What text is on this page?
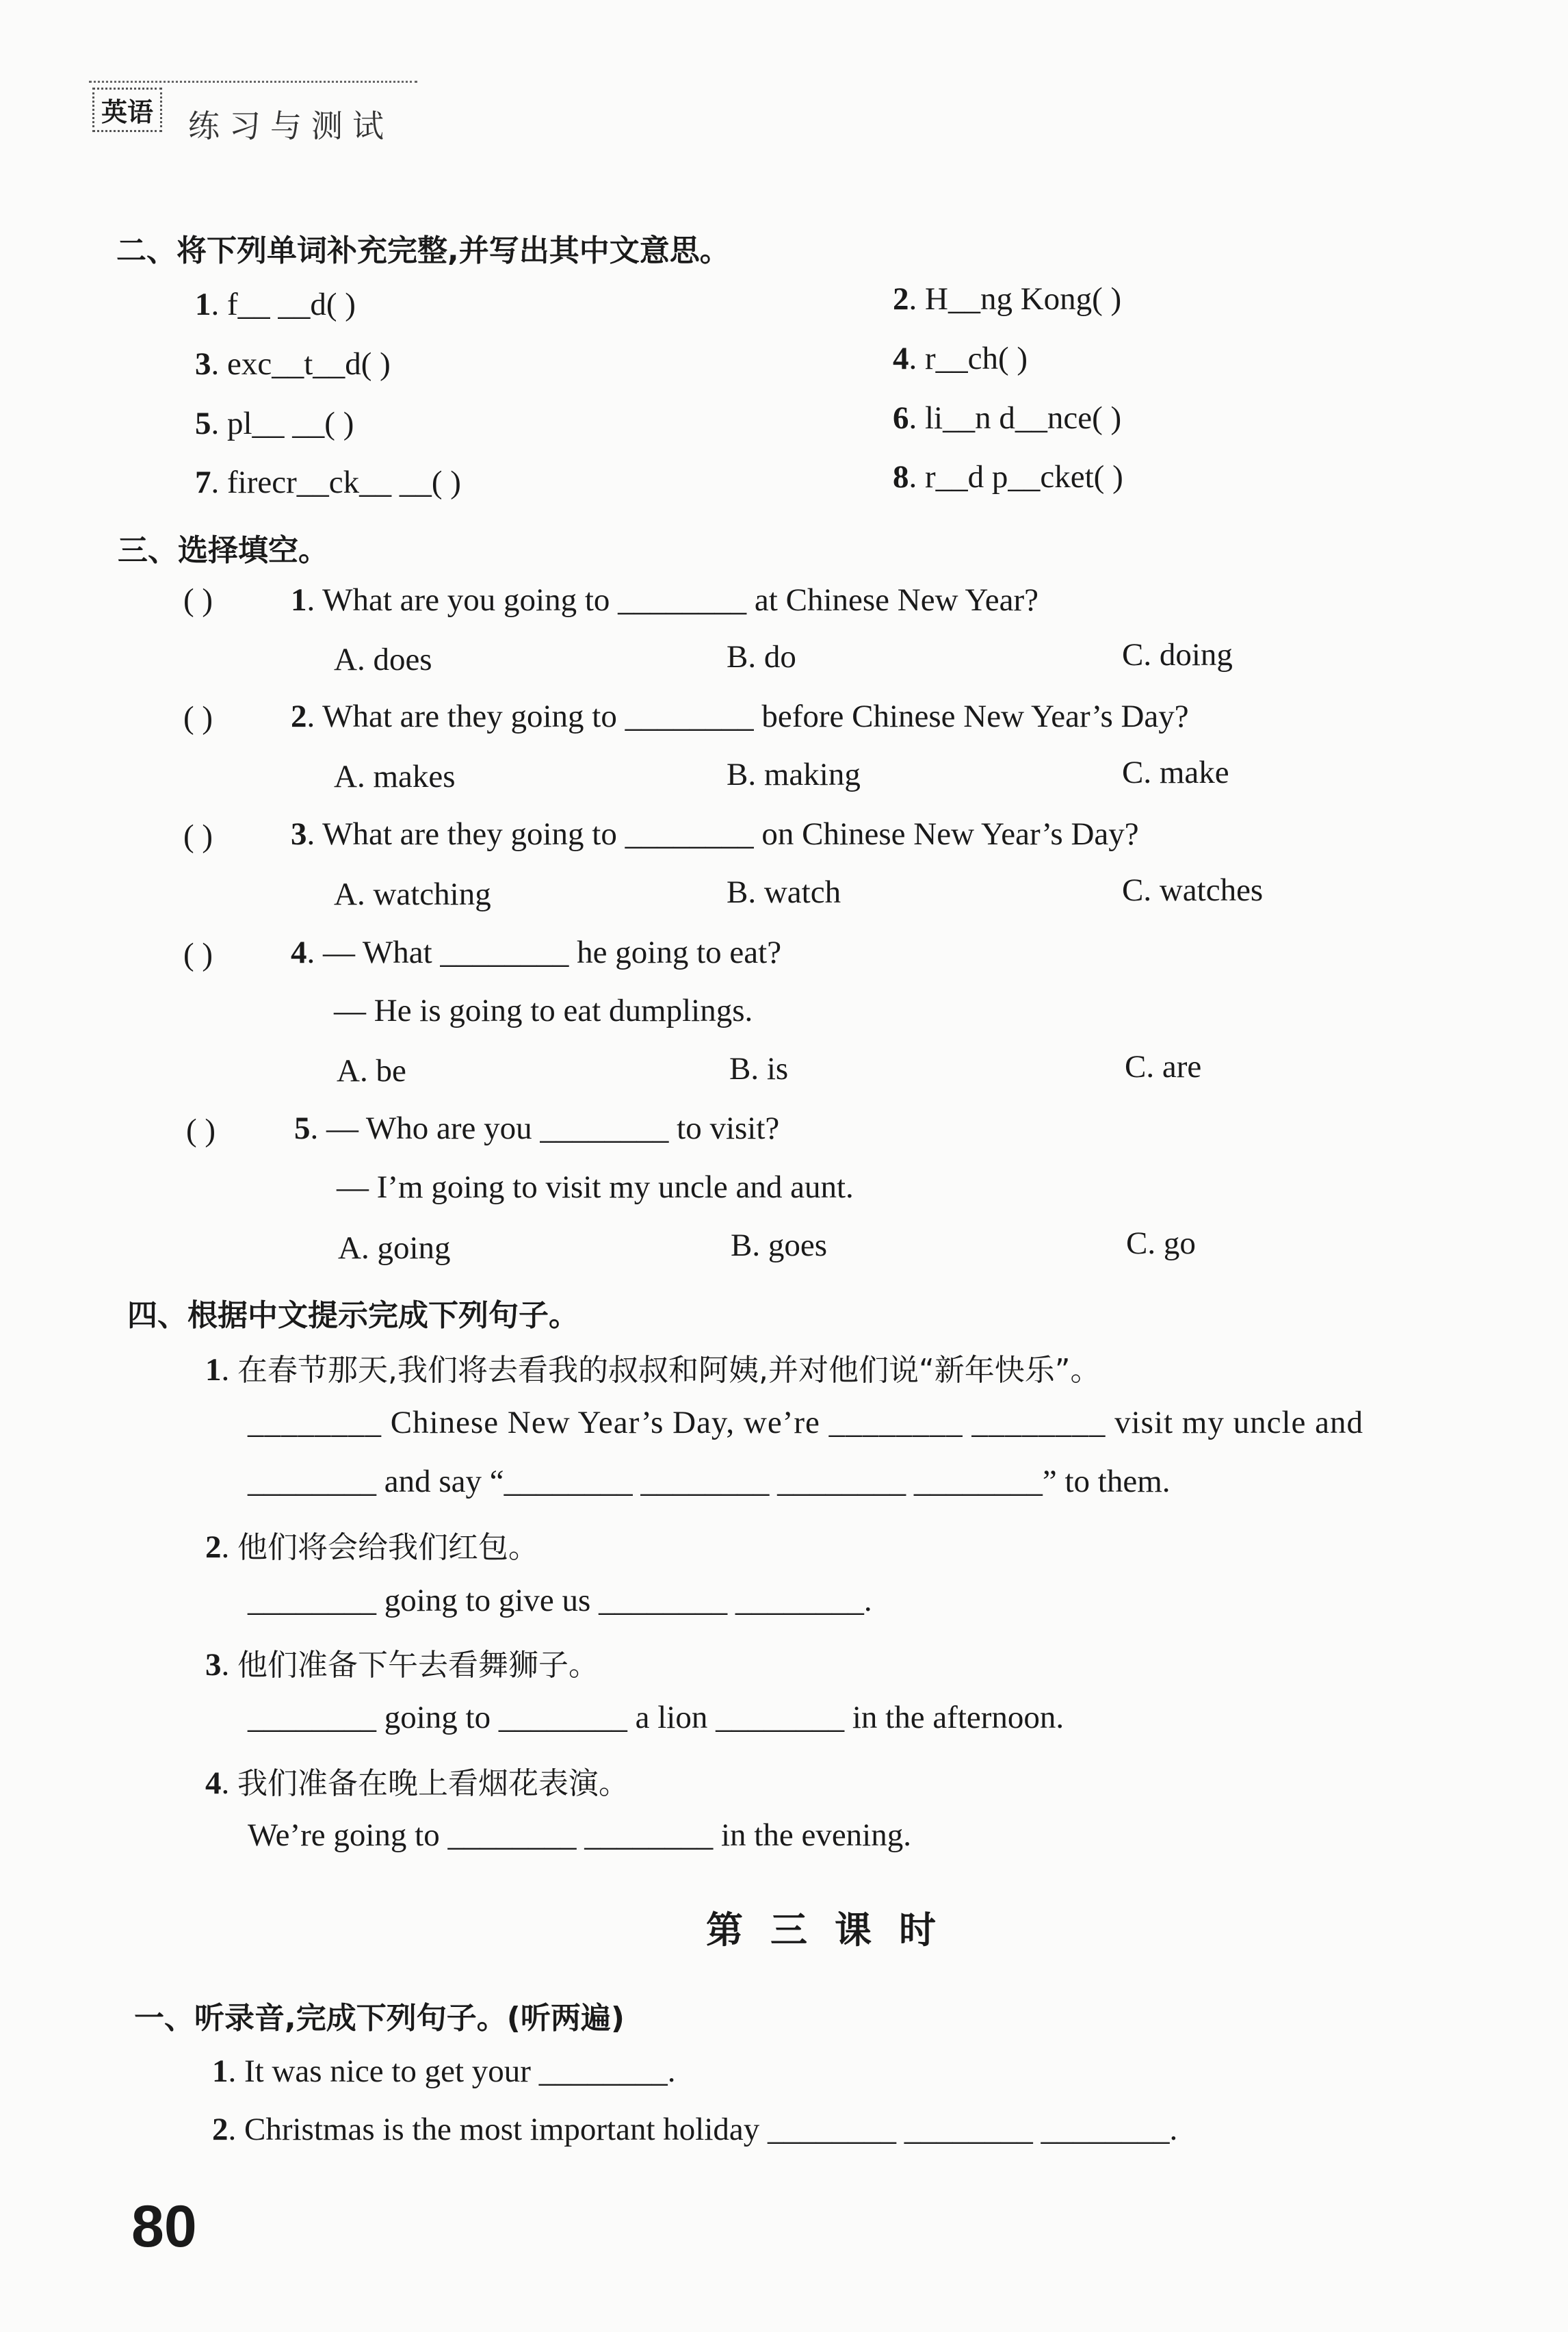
英语 练习与测试
二、将下列单词补充完整,并写出其中文意思。
1. f__ __d( )	2. H__ng Kong( )
3. exc__t__d( )	4. r__ch( )
5. pl__ __( )	6. li__n d__nce( )
7. firecr__ck__ __( )	8. r__d p__cket( )
三、选择填空。
( ) 1. What are you going to ________ at Chinese New Year?
A. does	B. do	C. doing
( ) 2. What are they going to ________ before Chinese New Year’s Day?
A. makes	B. making	C. make
( ) 3. What are they going to ________ on Chinese New Year’s Day?
A. watching	B. watch	C. watches
( ) 4. — What ________ he going to eat?
— He is going to eat dumplings.
A. be	B. is	C. are
( ) 5. — Who are you ________ to visit?
— I’m going to visit my uncle and aunt.
A. going	B. goes	C. go
四、根据中文提示完成下列句子。
1. 在春节那天,我们将去看我的叔叔和阿姨,并对他们说“新年快乐”。
________ Chinese New Year’s Day, we’re ________ ________ visit my uncle and
________ and say “________ ________ ________ ________” to them.
2. 他们将会给我们红包。
________ going to give us ________ ________.
3. 他们准备下午去看舞狮子。
________ going to ________ a lion ________ in the afternoon.
4. 我们准备在晚上看烟花表演。
We’re going to ________ ________ in the evening.
第三课时
一、听录音,完成下列句子。(听两遍)
1. It was nice to get your ________.
2. Christmas is the most important holiday ________ ________ ________.
80
